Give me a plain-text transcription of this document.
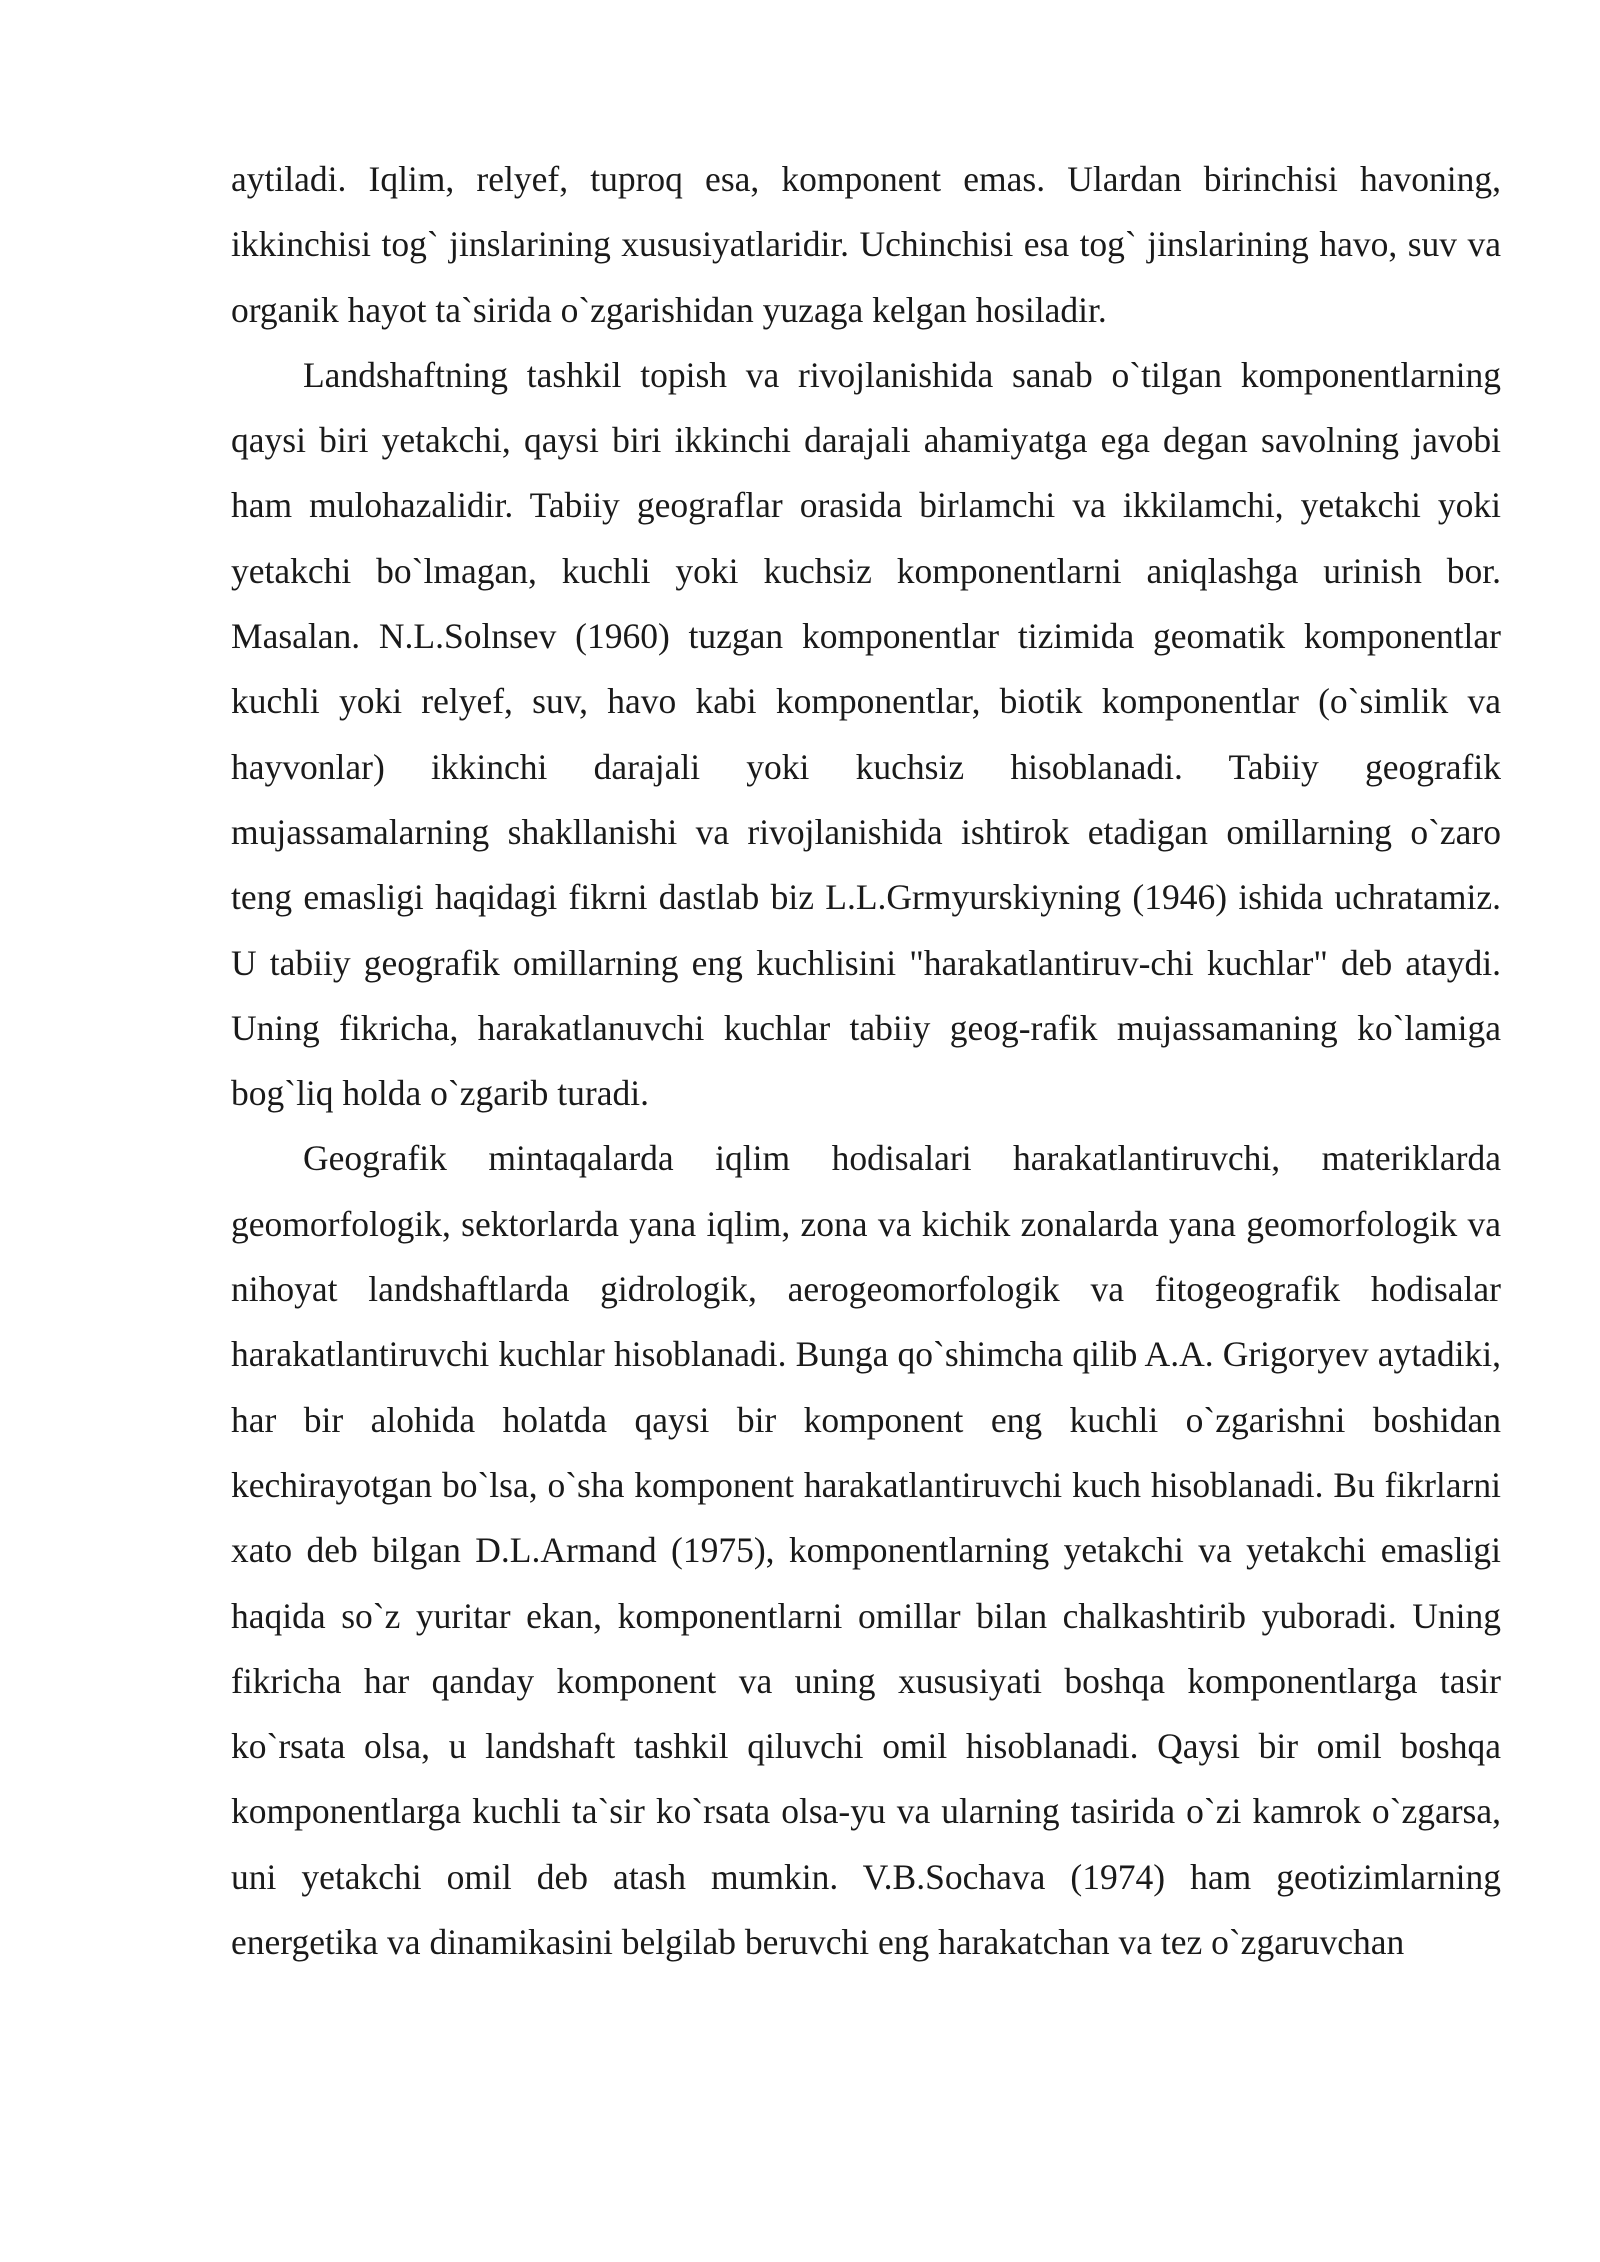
aytiladi. Iqlim, relyef, tuproq esa, komponent emas. Ulardan birinchisi havoning, ikkinchisi tog` jinslarining xususiyatlaridir. Uchinchisi esa tog` jinslarining havo, suv va organik hayot ta`sirida o`zgarishidan yuzaga kelgan hosiladir.

Landshaftning tashkil topish va rivojlanishida sanab o`tilgan komponentlarning qaysi biri yetakchi, qaysi biri ikkinchi darajali ahamiyatga ega degan savolning javobi ham mulohazalidir. Tabiiy geograflar orasida birlamchi va ikkilamchi, yetakchi yoki yetakchi bo`lmagan, kuchli yoki kuchsiz komponentlarni aniqlashga urinish bor. Masalan. N.L.Solnsev (1960) tuzgan komponentlar tizimida geomatik komponentlar kuchli yoki relyef, suv, havo kabi komponentlar, biotik komponentlar (o`simlik va hayvonlar) ikkinchi darajali yoki kuchsiz hisoblanadi. Tabiiy geografik mujassamalarning shakllanishi va rivojlanishida ishtirok etadigan omillarning o`zaro teng emasligi haqidagi fikrni dastlab biz L.L.Grmyurskiyning (1946) ishida uchratamiz. U tabiiy geografik omillarning eng kuchlisini "harakatlantiruv-chi kuchlar" deb ataydi. Uning fikricha, harakatlanuvchi kuchlar tabiiy geog-rafik mujassamaning ko`lamiga bog`liq holda o`zgarib turadi.

Geografik mintaqalarda iqlim hodisalari harakatlantiruvchi, materiklarda geomorfologik, sektorlarda yana iqlim, zona va kichik zonalarda yana geomorfologik va nihoyat landshaftlarda gidrologik, aerogeomorfologik va fitogeografik hodisalar harakatlantiruvchi kuchlar hisoblanadi. Bunga qo`shimcha qilib A.A. Grigoryev aytadiki, har bir alohida holatda qaysi bir komponent eng kuchli o`zgarishni boshidan kechirayotgan bo`lsa, o`sha komponent harakatlantiruvchi kuch hisoblanadi. Bu fikrlarni xato deb bilgan D.L.Armand (1975), komponentlarning yetakchi va yetakchi emasligi haqida so`z yuritar ekan, komponentlarni omillar bilan chalkashtirib yuboradi. Uning fikricha har qanday komponent va uning xususiyati boshqa komponentlarga tasir ko`rsata olsa, u landshaft tashkil qiluvchi omil hisoblanadi. Qaysi bir omil boshqa komponentlarga kuchli ta`sir ko`rsata olsa-yu va ularning tasirida o`zi kamrok o`zgarsa, uni yetakchi omil deb atash mumkin. V.B.Sochava (1974) ham geotizimlarning energetika va dinamikasini belgilab beruvchi eng harakatchan va tez o`zgaruvchan
